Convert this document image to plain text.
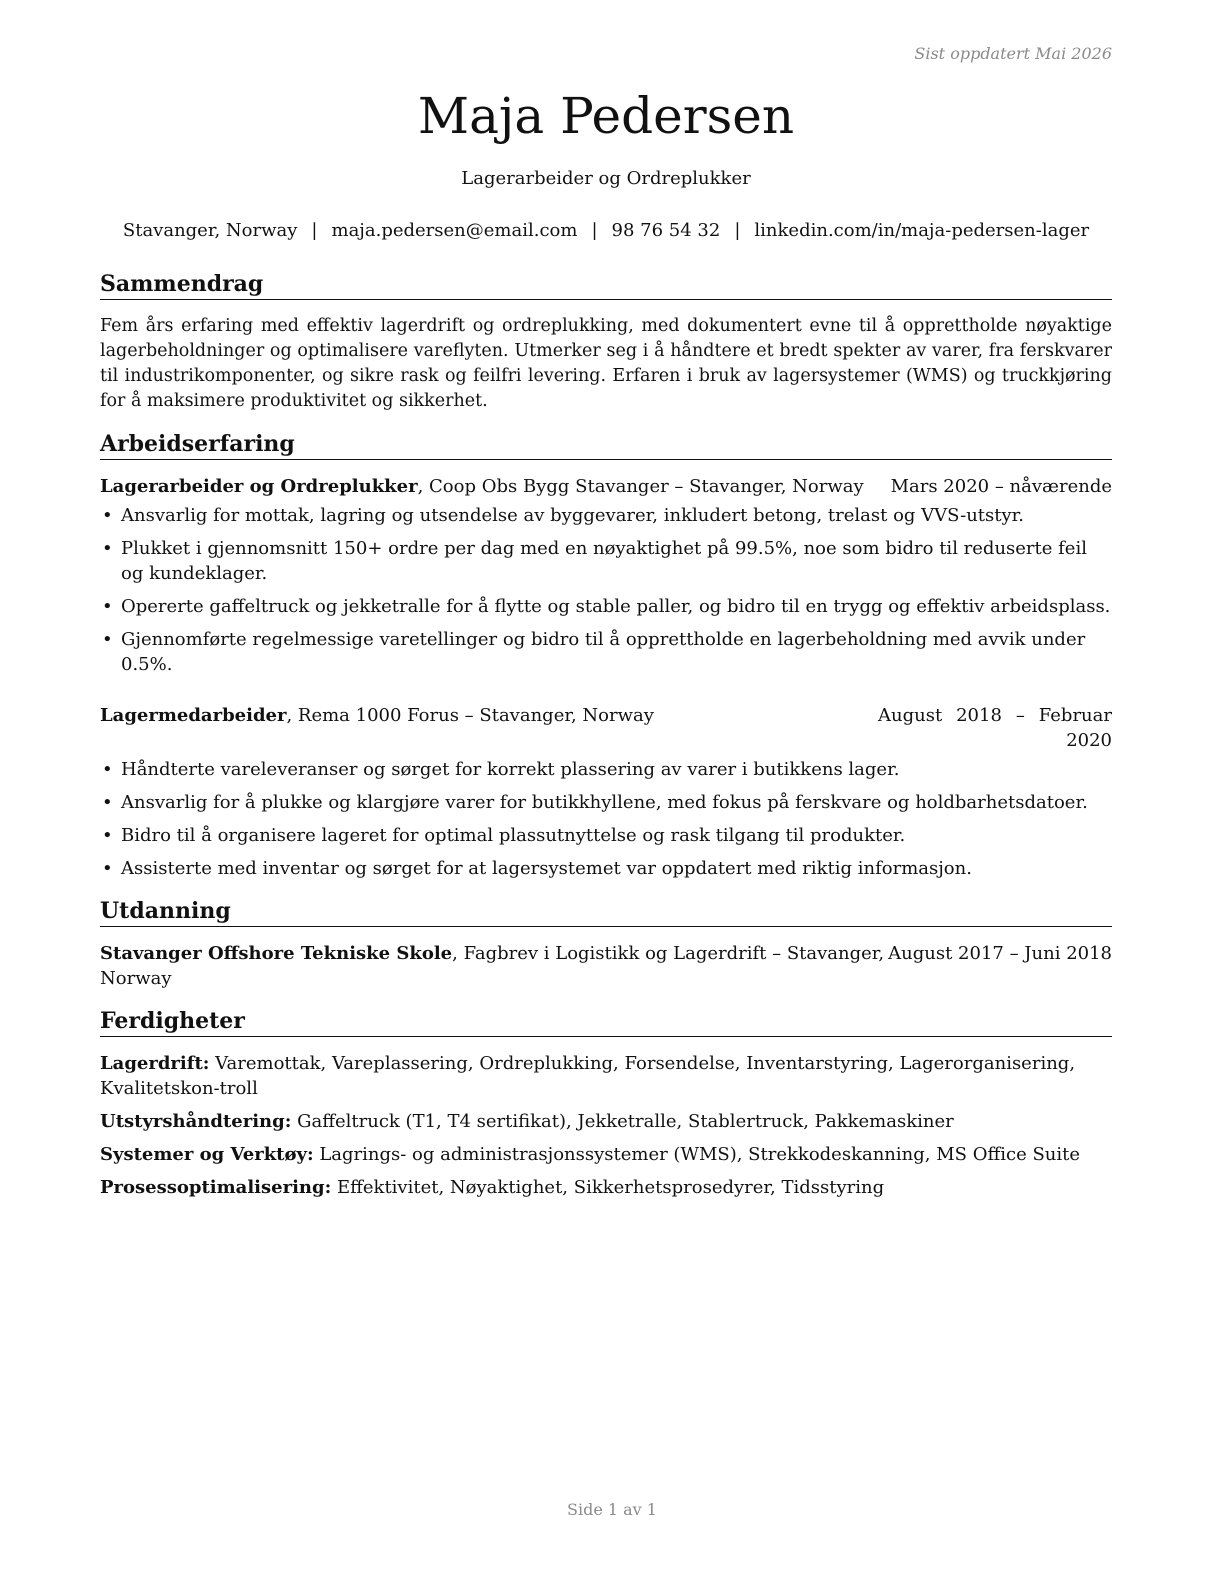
Sist oppdatert Mai 2026
Maja Pedersen
Lagerarbeider og Ordreplukker
Stavanger, Norway | maja.pedersen@email.com | 98 76 54 32 | linkedin.com/in/maja-pedersen-lager
Sammendrag

Fem års erfaring med effektiv lagerdrift og ordreplukking, med dokumentert evne til å opprettholde nøyaktige lagerbeholdninger og optimalisere vareflyten. Utmerker seg i å håndtere et bredt spekter av varer, fra ferskvarer til industrikomponenter, og sikre rask og feilfri levering. Erfaren i bruk av lagersystemer (WMS) og truckkjøring for å maksimere produktivitet og sikkerhet.

Arbeidserfaring
Lagerarbeider og Ordreplukker, Coop Obs Bygg Stavanger – Stavanger, Norway Mars 2020 – nåværende
• Ansvarlig for mottak, lagring og utsendelse av byggevarer, inkludert betong, trelast og VVS-utstyr.
• Plukket i gjennomsnitt 150+ ordre per dag med en nøyaktighet på 99.5%, noe som bidro til reduserte feil og kundeklager.
• Opererte gaffeltruck og jekketralle for å flytte og stable paller, og bidro til en trygg og effektiv arbeidsplass.
• Gjennomførte regelmessige varetellinger og bidro til å opprettholde en lagerbeholdning med avvik under 0.5%.
Lagermedarbeider, Rema 1000 Forus – Stavanger, Norway	August 2018 – Februar 2020
• Håndterte vareleveranser og sørget for korrekt plassering av varer i butikkens lager.
• Ansvarlig for å plukke og klargjøre varer for butikkhyllene, med fokus på ferskvare og holdbarhetsdatoer.
• Bidro til å organisere lageret for optimal plassutnyttelse og rask tilgang til produkter.
• Assisterte med inventar og sørget for at lagersystemet var oppdatert med riktig informasjon.
Utdanning
Stavanger Offshore Tekniske Skole, Fagbrev i Logistikk og Lagerdrift – Stavanger, Norway
August 2017 – Juni 2018
Ferdigheter
Lagerdrift: Varemottak, Vareplassering, Ordreplukking, Forsendelse, Inventarstyring, Lagerorganisering, Kvalitetskon-troll
Utstyrshåndtering: Gaffeltruck (T1, T4 sertifikat), Jekketralle, Stablertruck, Pakkemaskiner
Systemer og Verktøy: Lagrings- og administrasjonssystemer (WMS), Strekkodeskanning, MS Office Suite
Prosessoptimalisering: Effektivitet, Nøyaktighet, Sikkerhetsprosedyrer, Tidsstyring
Side 1 av 1
